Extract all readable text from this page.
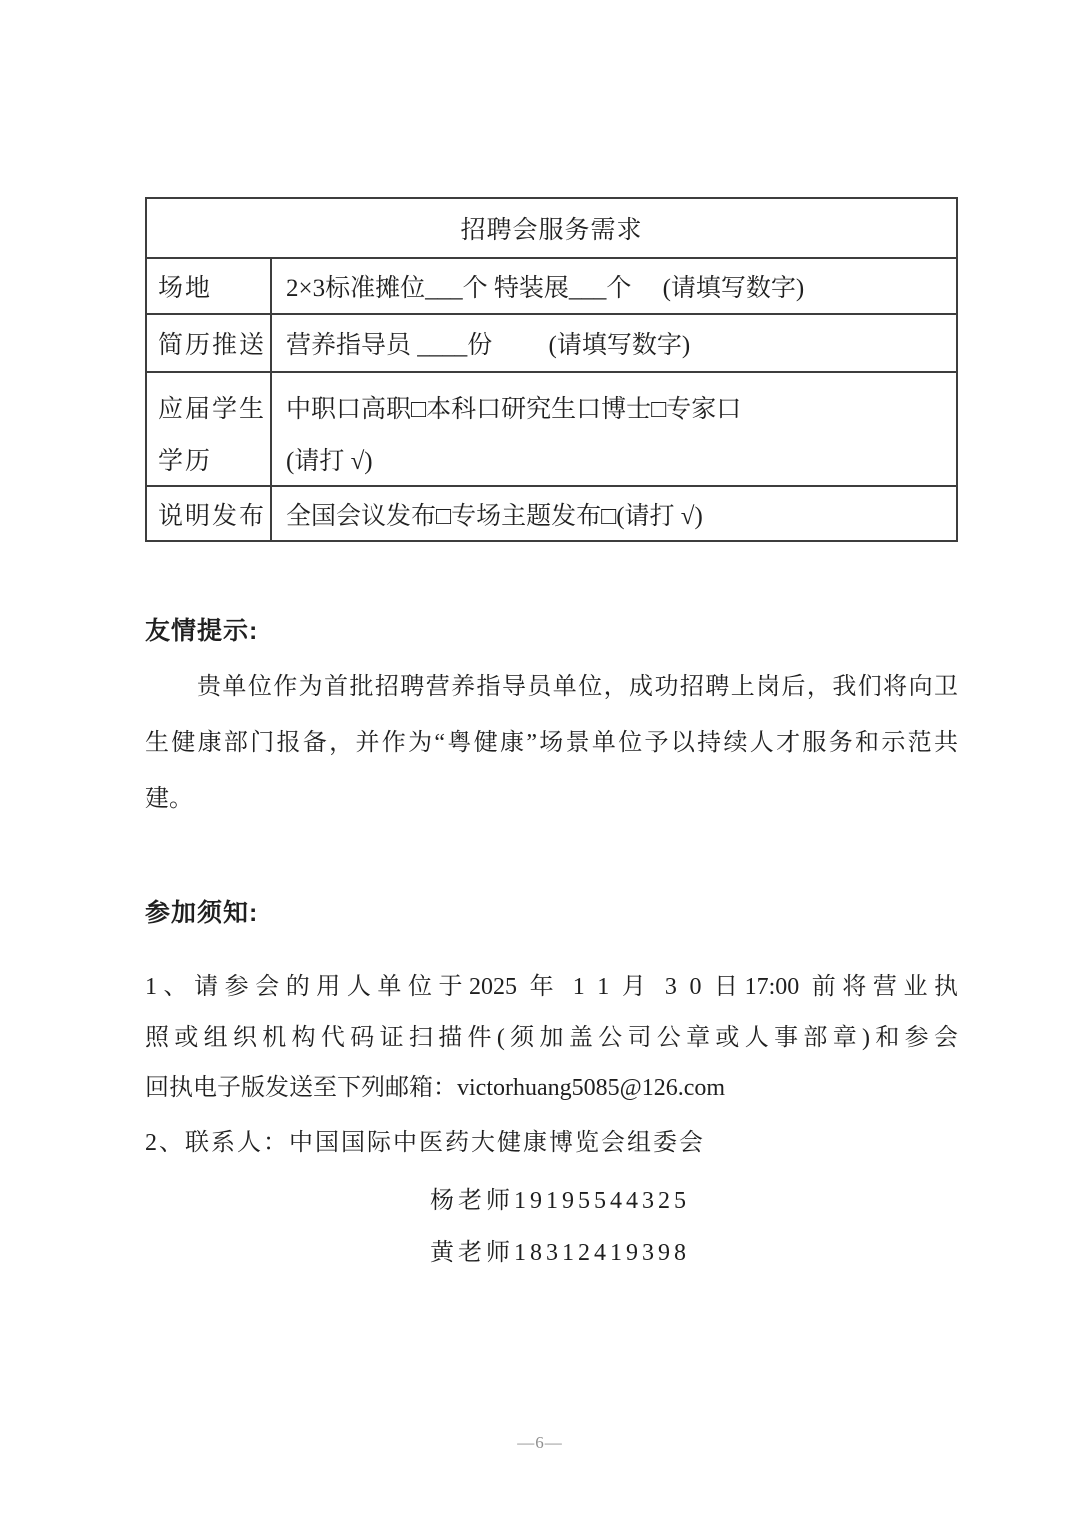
招聘会服务需求
场地	2×3标准摊位___个 特装展___个     (请填写数字)
简历推送 营养指导员 ____份         (请填写数字)
应届学生
学历
中职口高职□本科口研究生口博士□专家口
(请打 √)
说明发布 全国会议发布□专场主题发布□(请打 √)
友情提示:
贵单位作为首批招聘营养指导员单位，成功招聘上岗后，我们将向卫
生健康部门报备，并作为“粤健康”场景单位予以持续人才服务和示范共
建。
参加须知:
1、请参会的用人单位于2025 年 1 1 月 3 0 日17:00 前将营业执
照或组织机构代码证扫描件(须加盖公司公章或人事部章)和参会
回执电子版发送至下列邮箱：victorhuang5085@126.com
2、联系人：中国国际中医药大健康博览会组委会
杨老师19195544325
黄老师18312419398
—6—
